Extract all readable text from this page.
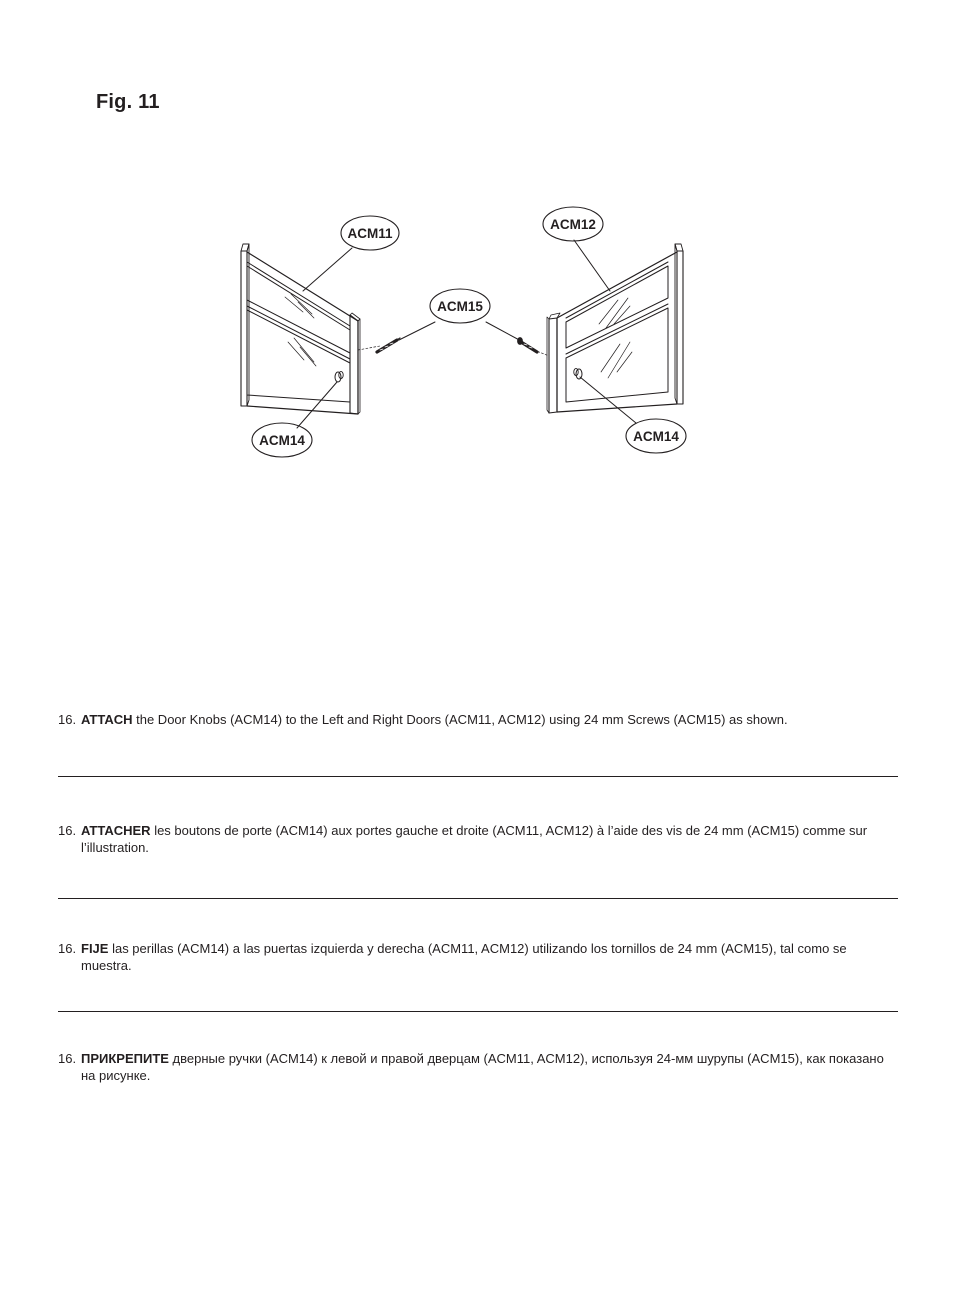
Fig. 11
ACM11
ACM12
ACM15
ACM14	ACM14
16. ATTACH the Door Knobs (ACM14) to the Left and Right Doors (ACM11, ACM12) using 24 mm Screws (ACM15) as shown.
16. ATTACHER les boutons de porte (ACM14) aux portes gauche et droite (ACM11, ACM12) à l’aide des vis de 24 mm (ACM15) comme sur l’illustration.
16. FIJE las perillas (ACM14) a las puertas izquierda y derecha (ACM11, ACM12) utilizando los tornillos de 24 mm (ACM15), tal como se muestra.
16. ПРИКРЕПИТЕ дверные ручки (ACM14) к левой и правой дверцам (ACM11, ACM12), используя 24-мм шурупы (ACM15), как показано на рисунке.
